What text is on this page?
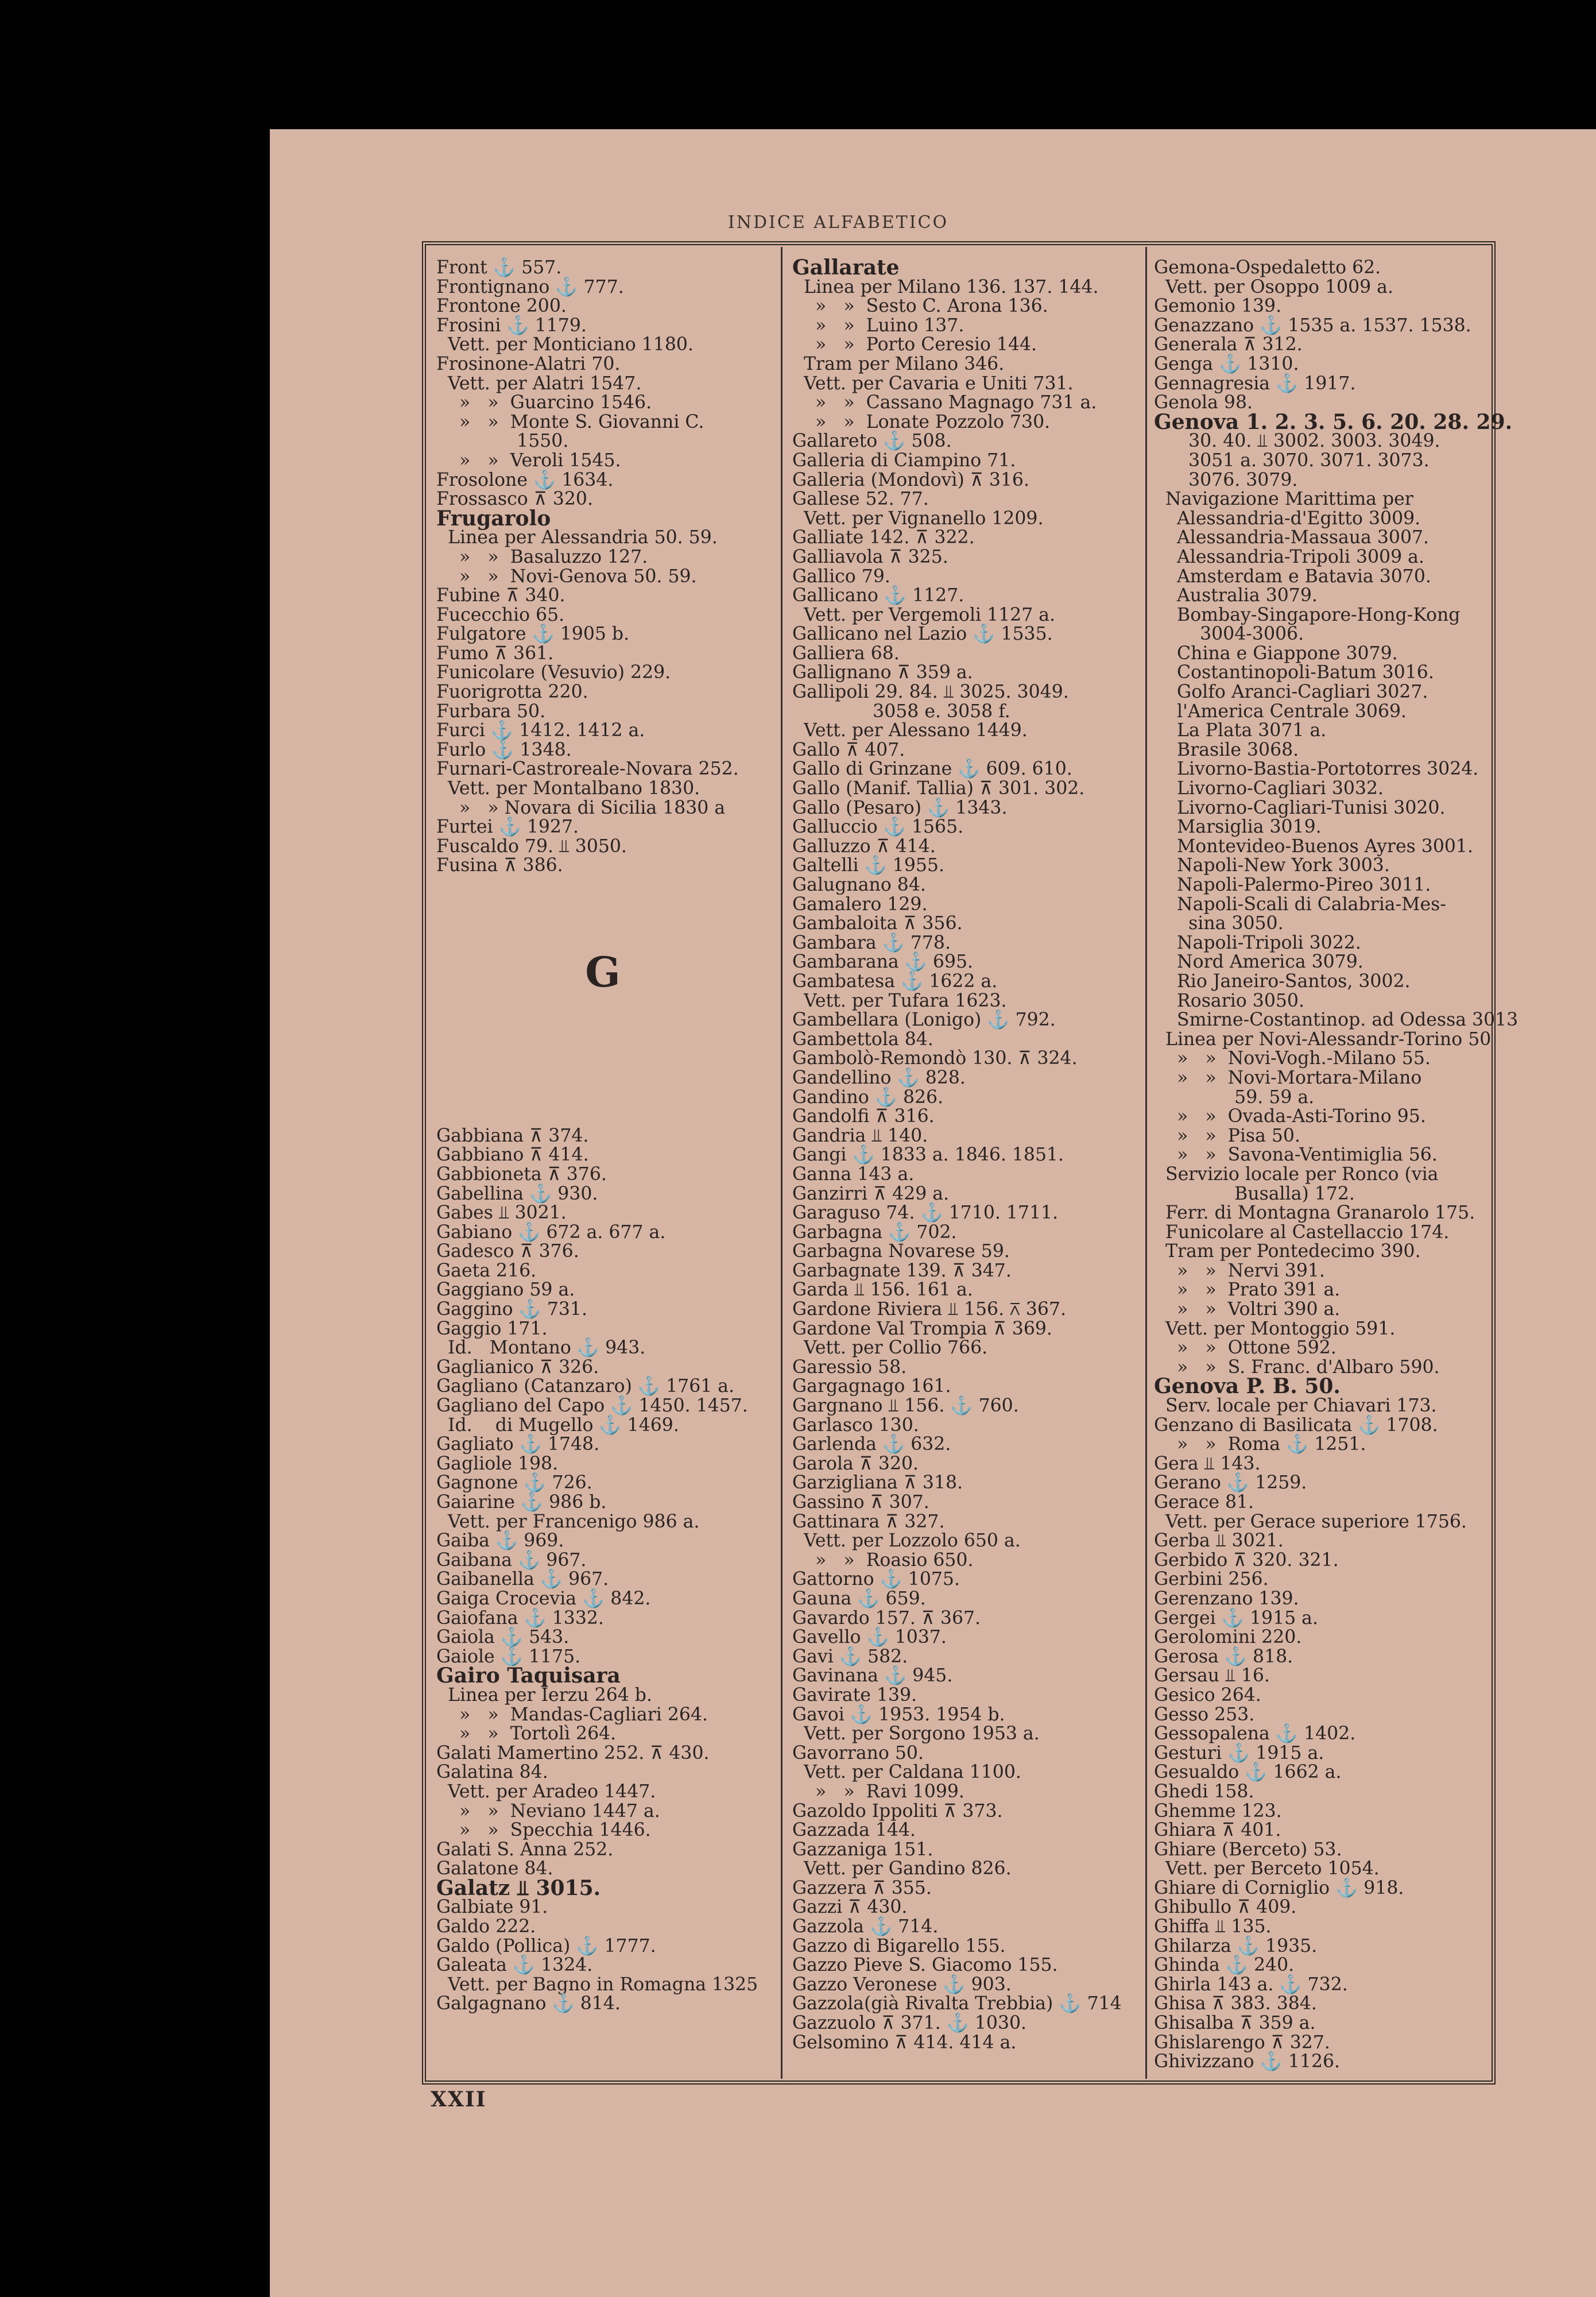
INDICE ALFABETICO
Front ⚓ 557.
Frontignano ⚓ 777.
Frontone 200.
Frosini ⚓ 1179.
Vett. per Monticiano 1180.
Frosinone-Alatri 70.
Vett. per Alatri 1547.
»   »  Guarcino 1546.
»   »  Monte S. Giovanni C.
1550.
»   »  Veroli 1545.
Frosolone ⚓ 1634.
Frossasco ⊼ 320.
Frugarolo
Linea per Alessandria 50. 59.
»   »  Basaluzzo 127.
»   »  Novi-Genova 50. 59.
Fubine ⊼ 340.
Fucecchio 65.
Fulgatore ⚓ 1905 b.
Fumo ⊼ 361.
Funicolare (Vesuvio) 229.
Fuorigrotta 220.
Furbara 50.
Furci ⚓ 1412. 1412 a.
Furlo ⚓ 1348.
Furnari-Castroreale-Novara 252.
Vett. per Montalbano 1830.
»   » Novara di Sicilia 1830 a
Furtei ⚓ 1927.
Fuscaldo 79. ⫫ 3050.
Fusina ⊼ 386.
G
Gabbiana ⊼ 374.
Gabbiano ⊼ 414.
Gabbioneta ⊼ 376.
Gabellina ⚓ 930.
Gabes ⫫ 3021.
Gabiano ⚓ 672 a. 677 a.
Gadesco ⊼ 376.
Gaeta 216.
Gaggiano 59 a.
Gaggino ⚓ 731.
Gaggio 171.
Id.   Montano ⚓ 943.
Gaglianico ⊼ 326.
Gagliano (Catanzaro) ⚓ 1761 a.
Gagliano del Capo ⚓ 1450. 1457.
Id.    di Mugello ⚓ 1469.
Gagliato ⚓ 1748.
Gagliole 198.
Gagnone ⚓ 726.
Gaiarine ⚓ 986 b.
Vett. per Francenigo 986 a.
Gaiba ⚓ 969.
Gaibana ⚓ 967.
Gaibanella ⚓ 967.
Gaiga Crocevia ⚓ 842.
Gaiofana ⚓ 1332.
Gaiola ⚓ 543.
Gaiole ⚓ 1175.
Gairo Taquisara
Linea per Ierzu 264 b.
»   »  Mandas-Cagliari 264.
»   »  Tortolì 264.
Galati Mamertino 252. ⊼ 430.
Galatina 84.
Vett. per Aradeo 1447.
»   »  Neviano 1447 a.
»   »  Specchia 1446.
Galati S. Anna 252.
Galatone 84.
Galatz ⫫ 3015.
Galbiate 91.
Galdo 222.
Galdo (Pollica) ⚓ 1777.
Galeata ⚓ 1324.
Vett. per Bagno in Romagna 1325
Galgagnano ⚓ 814.
Gallarate
Linea per Milano 136. 137. 144.
»   »  Sesto C. Arona 136.
»   »  Luino 137.
»   »  Porto Ceresio 144.
Tram per Milano 346.
Vett. per Cavaria e Uniti 731.
»   »  Cassano Magnago 731 a.
»   »  Lonate Pozzolo 730.
Gallareto ⚓ 508.
Galleria di Ciampino 71.
Galleria (Mondovì) ⊼ 316.
Gallese 52. 77.
Vett. per Vignanello 1209.
Galliate 142. ⊼ 322.
Galliavola ⊼ 325.
Gallico 79.
Gallicano ⚓ 1127.
Vett. per Vergemoli 1127 a.
Gallicano nel Lazio ⚓ 1535.
Galliera 68.
Gallignano ⊼ 359 a.
Gallipoli 29. 84. ⫫ 3025. 3049.
3058 e. 3058 f.
Vett. per Alessano 1449.
Gallo ⊼ 407.
Gallo di Grinzane ⚓ 609. 610.
Gallo (Manif. Tallia) ⊼ 301. 302.
Gallo (Pesaro) ⚓ 1343.
Galluccio ⚓ 1565.
Galluzzo ⊼ 414.
Galtelli ⚓ 1955.
Galugnano 84.
Gamalero 129.
Gambaloita ⊼ 356.
Gambara ⚓ 778.
Gambarana ⚓ 695.
Gambatesa ⚓ 1622 a.
Vett. per Tufara 1623.
Gambellara (Lonigo) ⚓ 792.
Gambettola 84.
Gambolò-Remondò 130. ⊼ 324.
Gandellino ⚓ 828.
Gandino ⚓ 826.
Gandolfi ⊼ 316.
Gandria ⫫ 140.
Gangi ⚓ 1833 a. 1846. 1851.
Ganna 143 a.
Ganzirri ⊼ 429 a.
Garaguso 74. ⚓ 1710. 1711.
Garbagna ⚓ 702.
Garbagna Novarese 59.
Garbagnate 139. ⊼ 347.
Garda ⫫ 156. 161 a.
Gardone Riviera ⫫ 156. ⊼ 367.
Gardone Val Trompia ⊼ 369.
Vett. per Collio 766.
Garessio 58.
Gargagnago 161.
Gargnano ⫫ 156. ⚓ 760.
Garlasco 130.
Garlenda ⚓ 632.
Garola ⊼ 320.
Garzigliana ⊼ 318.
Gassino ⊼ 307.
Gattinara ⊼ 327.
Vett. per Lozzolo 650 a.
»   »  Roasio 650.
Gattorno ⚓ 1075.
Gauna ⚓ 659.
Gavardo 157. ⊼ 367.
Gavello ⚓ 1037.
Gavi ⚓ 582.
Gavinana ⚓ 945.
Gavirate 139.
Gavoi ⚓ 1953. 1954 b.
Vett. per Sorgono 1953 a.
Gavorrano 50.
Vett. per Caldana 1100.
»   »  Ravi 1099.
Gazoldo Ippoliti ⊼ 373.
Gazzada 144.
Gazzaniga 151.
Vett. per Gandino 826.
Gazzera ⊼ 355.
Gazzi ⊼ 430.
Gazzola ⚓ 714.
Gazzo di Bigarello 155.
Gazzo Pieve S. Giacomo 155.
Gazzo Veronese ⚓ 903.
Gazzola(già Rivalta Trebbia) ⚓ 714
Gazzuolo ⊼ 371. ⚓ 1030.
Gelsomino ⊼ 414. 414 a.
Gemona-Ospedaletto 62.
Vett. per Osoppo 1009 a.
Gemonio 139.
Genazzano ⚓ 1535 a. 1537. 1538.
Generala ⊼ 312.
Genga ⚓ 1310.
Gennagresia ⚓ 1917.
Genola 98.
Genova 1. 2. 3. 5. 6. 20. 28. 29.
30. 40. ⫫ 3002. 3003. 3049.
3051 a. 3070. 3071. 3073.
3076. 3079.
Navigazione Marittima per
Alessandria-d'Egitto 3009.
Alessandria-Massaua 3007.
Alessandria-Tripoli 3009 a.
Amsterdam e Batavia 3070.
Australia 3079.
Bombay-Singapore-Hong-Kong
3004-3006.
China e Giappone 3079.
Costantinopoli-Batum 3016.
Golfo Aranci-Cagliari 3027.
l'America Centrale 3069.
La Plata 3071 a.
Brasile 3068.
Livorno-Bastia-Portotorres 3024.
Livorno-Cagliari 3032.
Livorno-Cagliari-Tunisi 3020.
Marsiglia 3019.
Montevideo-Buenos Ayres 3001.
Napoli-New York 3003.
Napoli-Palermo-Pireo 3011.
Napoli-Scali di Calabria-Mes-
sina 3050.
Napoli-Tripoli 3022.
Nord America 3079.
Rio Janeiro-Santos, 3002.
Rosario 3050.
Smirne-Costantinop. ad Odessa 3013
Linea per Novi-Alessandr-Torino 50
»   »  Novi-Vogh.-Milano 55.
»   »  Novi-Mortara-Milano
59. 59 a.
»   »  Ovada-Asti-Torino 95.
»   »  Pisa 50.
»   »  Savona-Ventimiglia 56.
Servizio locale per Ronco (via
Busalla) 172.
Ferr. di Montagna Granarolo 175.
Funicolare al Castellaccio 174.
Tram per Pontedecimo 390.
»   »  Nervi 391.
»   »  Prato 391 a.
»   »  Voltri 390 a.
Vett. per Montoggio 591.
»   »  Ottone 592.
»   »  S. Franc. d'Albaro 590.
Genova P. B. 50.
Serv. locale per Chiavari 173.
Genzano di Basilicata ⚓ 1708.
»   »  Roma ⚓ 1251.
Gera ⫫ 143.
Gerano ⚓ 1259.
Gerace 81.
Vett. per Gerace superiore 1756.
Gerba ⫫ 3021.
Gerbido ⊼ 320. 321.
Gerbini 256.
Gerenzano 139.
Gergei ⚓ 1915 a.
Gerolomini 220.
Gerosa ⚓ 818.
Gersau ⫫ 16.
Gesico 264.
Gesso 253.
Gessopalena ⚓ 1402.
Gesturi ⚓ 1915 a.
Gesualdo ⚓ 1662 a.
Ghedi 158.
Ghemme 123.
Ghiara ⊼ 401.
Ghiare (Berceto) 53.
Vett. per Berceto 1054.
Ghiare di Corniglio ⚓ 918.
Ghibullo ⊼ 409.
Ghiffa ⫫ 135.
Ghilarza ⚓ 1935.
Ghinda ⚓ 240.
Ghirla 143 a. ⚓ 732.
Ghisa ⊼ 383. 384.
Ghisalba ⊼ 359 a.
Ghislarengo ⊼ 327.
Ghivizzano ⚓ 1126.
XXII
